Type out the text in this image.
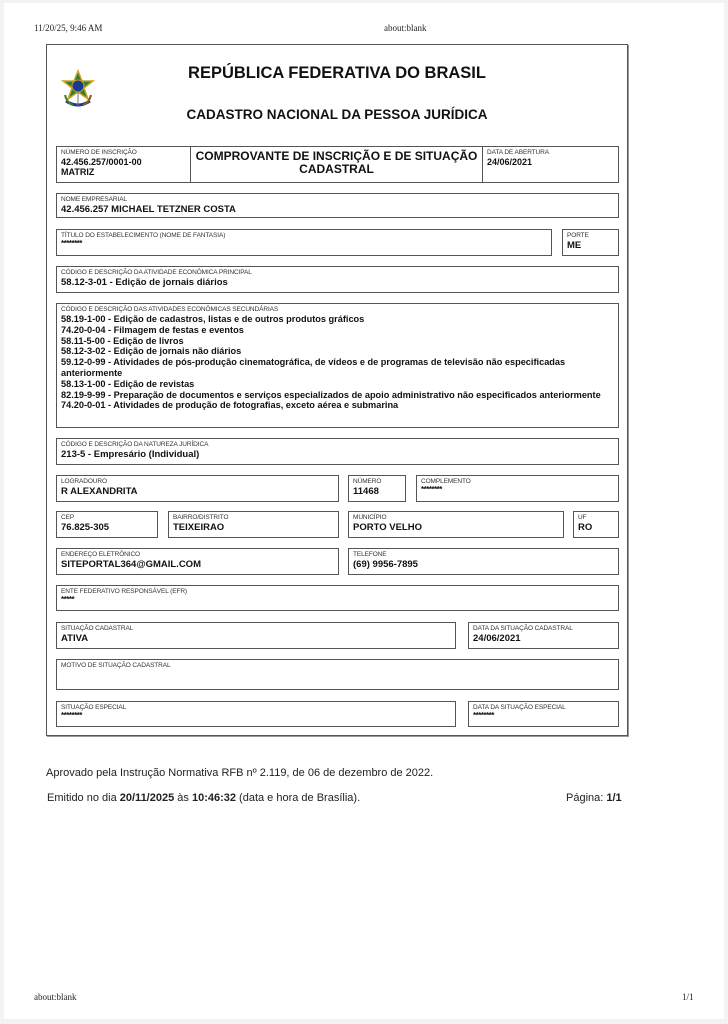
11/20/25, 9:46 AM	about:blank
REPÚBLICA FEDERATIVA DO BRASIL
CADASTRO NACIONAL DA PESSOA JURÍDICA
NÚMERO DE INSCRIÇÃO
42.456.257/0001-00
MATRIZ
COMPROVANTE DE INSCRIÇÃO E DE SITUAÇÃO CADASTRAL
DATA DE ABERTURA
24/06/2021
NOME EMPRESARIAL
42.456.257 MICHAEL TETZNER COSTA
TÍTULO DO ESTABELECIMENTO (NOME DE FANTASIA)
********
PORTE
ME
CÓDIGO E DESCRIÇÃO DA ATIVIDADE ECONÔMICA PRINCIPAL
58.12-3-01 - Edição de jornais diários
CÓDIGO E DESCRIÇÃO DAS ATIVIDADES ECONÔMICAS SECUNDÁRIAS
58.19-1-00 - Edição de cadastros, listas e de outros produtos gráficos
74.20-0-04 - Filmagem de festas e eventos
58.11-5-00 - Edição de livros
58.12-3-02 - Edição de jornais não diários
59.12-0-99 - Atividades de pós-produção cinematográfica, de vídeos e de programas de televisão não especificadas anteriormente
58.13-1-00 - Edição de revistas
82.19-9-99 - Preparação de documentos e serviços especializados de apoio administrativo não especificados anteriormente
74.20-0-01 - Atividades de produção de fotografias, exceto aérea e submarina
CÓDIGO E DESCRIÇÃO DA NATUREZA JURÍDICA
213-5 - Empresário (Individual)
LOGRADOURO
R ALEXANDRITA
NÚMERO
11468
COMPLEMENTO
********
CEP
76.825-305
BAIRRO/DISTRITO
TEIXEIRAO
MUNICÍPIO
PORTO VELHO
UF
RO
ENDEREÇO ELETRÔNICO
SITEPORTAL364@GMAIL.COM
TELEFONE
(69) 9956-7895
ENTE FEDERATIVO RESPONSÁVEL (EFR)
*****
SITUAÇÃO CADASTRAL
ATIVA
DATA DA SITUAÇÃO CADASTRAL
24/06/2021
MOTIVO DE SITUAÇÃO CADASTRAL
SITUAÇÃO ESPECIAL
********
DATA DA SITUAÇÃO ESPECIAL
********
Aprovado pela Instrução Normativa RFB nº 2.119, de 06 de dezembro de 2022.
Emitido no dia 20/11/2025 às 10:46:32 (data e hora de Brasília).	Página: 1/1
about:blank	1/1
